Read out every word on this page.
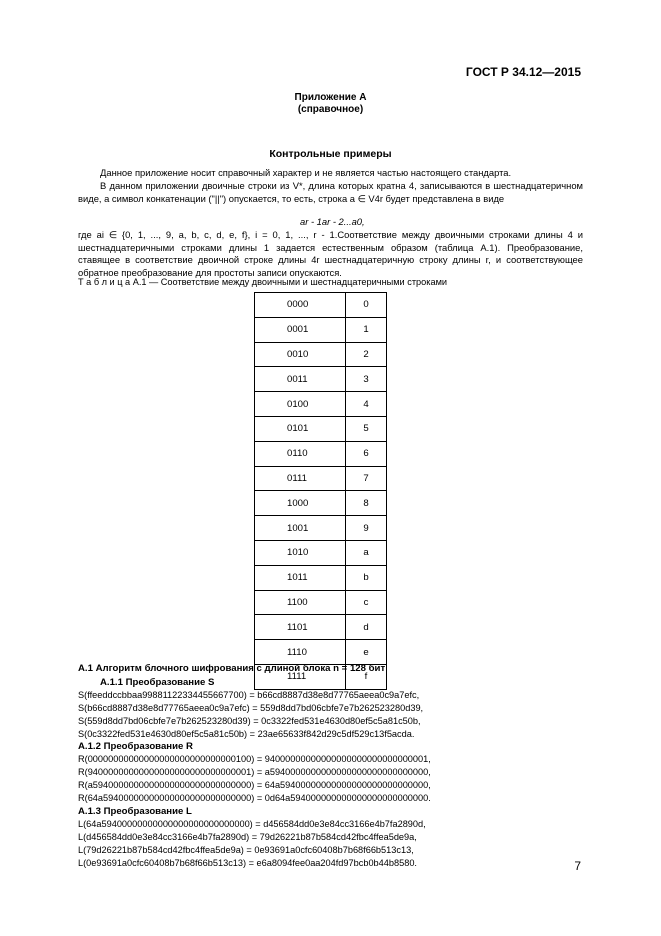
ГОСТ Р 34.12—2015
Приложение А
(справочное)
Контрольные примеры
Данное приложение носит справочный характер и не является частью настоящего стандарта.
В данном приложении двоичные строки из V*, длина которых кратна 4, записываются в шестнадцатеричном виде, а символ конкатенации ("||") опускается, то есть, строка a ∈ V4r будет представлена в виде
ar - 1ar - 2...a0,
где ai ∈ {0, 1, ..., 9, a, b, c, d, e, f}, i = 0, 1, ..., r - 1.Соответствие между двоичными строками длины 4 и шестнадцатеричными строками длины 1 задается естественным образом (таблица А.1). Преобразование, ставящее в соответствие двоичной строке длины 4r шестнадцатеричную строку длины r, и соответствующее обратное преобразование для простоты записи опускаются.
Т а б л и ц а А.1 — Соответствие между двоичными и шестнадцатеричными строками
0000	0
0001	1
0010	2
0011	3
0100	4
0101	5
0110	6
0111	7
1000	8
1001	9
1010	a
1011	b
1100	c
1101	d
1110	e
1111	f
А.1 Алгоритм блочного шифрования с длиной блока n = 128 бит
А.1.1 Преобразование S
S(ffeeddccbbaa99881122334455667700) = b66cd8887d38e8d77765aeea0c9a7efc,
S(b66cd8887d38e8d77765aeea0c9a7efc) = 559d8dd7bd06cbfe7e7b262523280d39,
S(559d8dd7bd06cbfe7e7b262523280d39) = 0c3322fed531e4630d80ef5c5a81c50b,
S(0c3322fed531e4630d80ef5c5a81c50b) = 23ae65633f842d29c5df529c13f5acda.
А.1.2 Преобразование R
R(00000000000000000000000000000100) = 94000000000000000000000000000001,
R(94000000000000000000000000000001) = a5940000000000000000000000000000,
R(a5940000000000000000000000000000) = 64a59400000000000000000000000000,
R(64a59400000000000000000000000000) = 0d64a594000000000000000000000000.
А.1.3 Преобразование L
L(64a59400000000000000000000000000) = d456584dd0e3e84cc3166e4b7fa2890d,
L(d456584dd0e3e84cc3166e4b7fa2890d) = 79d26221b87b584cd42fbc4ffea5de9a,
L(79d26221b87b584cd42fbc4ffea5de9a) = 0e93691a0cfc60408b7b68f66b513c13,
L(0e93691a0cfc60408b7b68f66b513c13) = e6a8094fee0aa204fd97bcb0b44b8580.	7
